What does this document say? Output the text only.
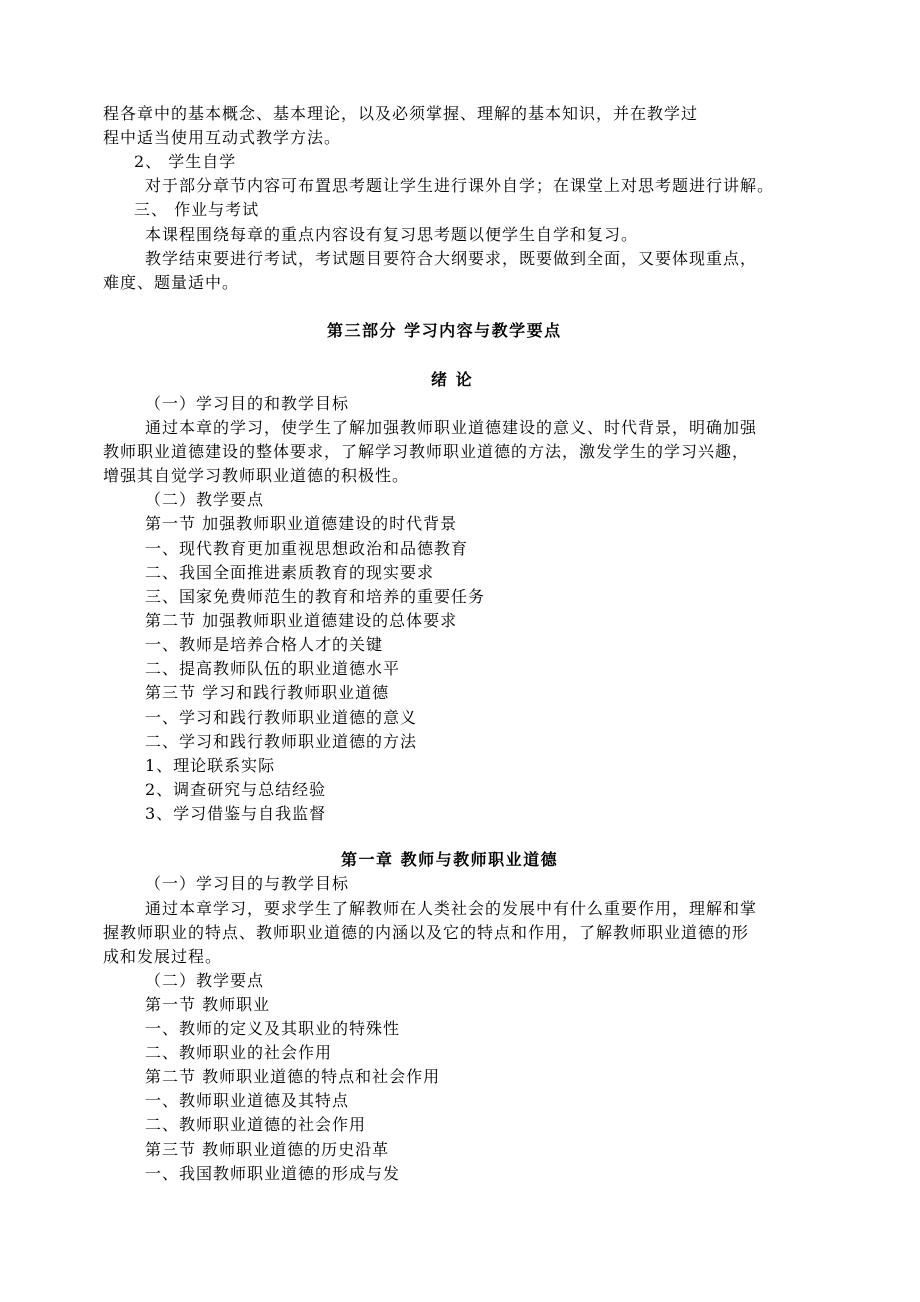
程各章中的基本概念、基本理论，以及必须掌握、理解的基本知识，并在教学过
程中适当使用互动式教学方法。
2、 学生自学
对于部分章节内容可布置思考题让学生进行课外自学；在课堂上对思考题进行讲解。
三、 作业与考试
本课程围绕每章的重点内容设有复习思考题以便学生自学和复习。
教学结束要进行考试，考试题目要符合大纲要求，既要做到全面，又要体现重点，
难度、题量适中。
第三部分 学习内容与教学要点
绪 论
（一）学习目的和教学目标
通过本章的学习，使学生了解加强教师职业道德建设的意义、时代背景，明确加强
教师职业道德建设的整体要求，了解学习教师职业道德的方法，激发学生的学习兴趣，
增强其自觉学习教师职业道德的积极性。
（二）教学要点
第一节 加强教师职业道德建设的时代背景
一、现代教育更加重视思想政治和品德教育
二、我国全面推进素质教育的现实要求
三、国家免费师范生的教育和培养的重要任务
第二节 加强教师职业道德建设的总体要求
一、教师是培养合格人才的关键
二、提高教师队伍的职业道德水平
第三节 学习和践行教师职业道德
一、学习和践行教师职业道德的意义
二、学习和践行教师职业道德的方法
1、理论联系实际
2、调查研究与总结经验
3、学习借鉴与自我监督
第一章 教师与教师职业道德
（一）学习目的与教学目标
通过本章学习，要求学生了解教师在人类社会的发展中有什么重要作用，理解和掌
握教师职业的特点、教师职业道德的内涵以及它的特点和作用，了解教师职业道德的形
成和发展过程。
（二）教学要点
第一节 教师职业
一、教师的定义及其职业的特殊性
二、教师职业的社会作用
第二节 教师职业道德的特点和社会作用
一、教师职业道德及其特点
二、教师职业道德的社会作用
第三节 教师职业道德的历史沿革
一、我国教师职业道德的形成与发
